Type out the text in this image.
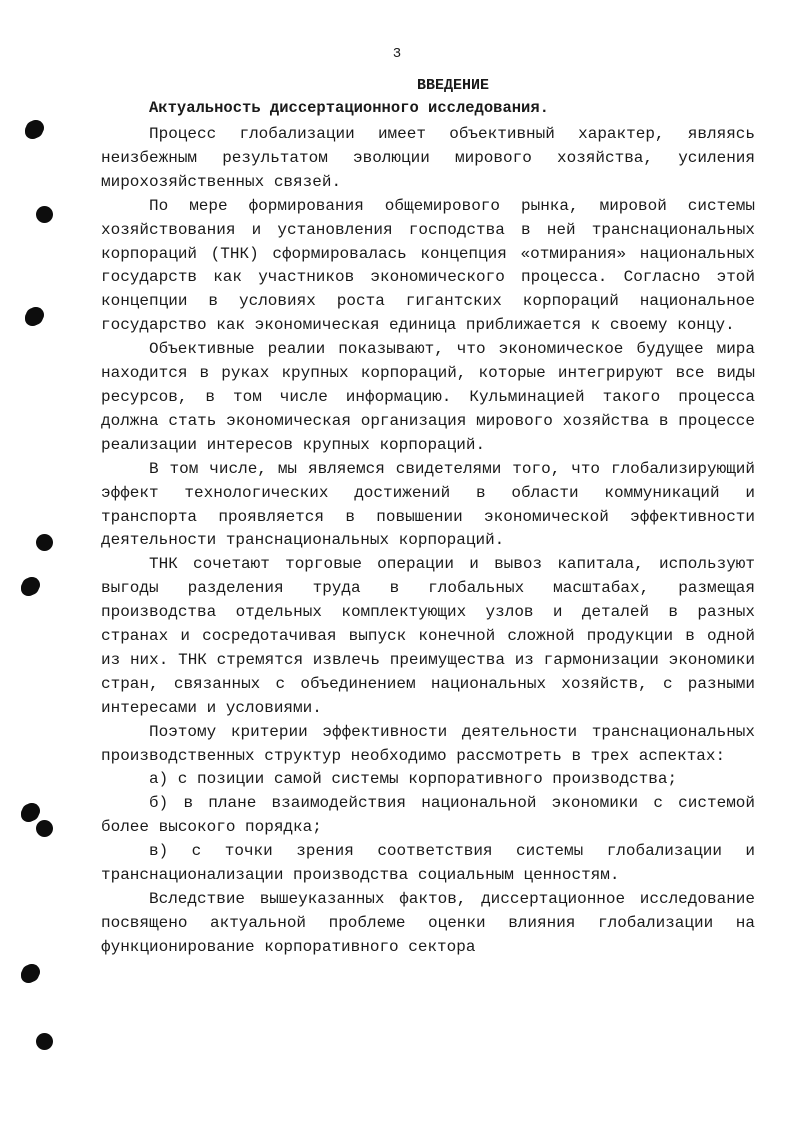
3
ВВЕДЕНИЕ
Актуальность диссертационного исследования.

Процесс глобализации имеет объективный характер, являясь неизбежным результатом эволюции мирового хозяйства, усиления мирохозяйственных связей.

По мере формирования общемирового рынка, мировой системы хозяйствования и установления господства в ней транснациональных корпораций (ТНК) сформировалась концепция «отмирания» национальных государств как участников экономического процесса. Согласно этой концепции в условиях роста гигантских корпораций национальное государство как экономическая единица приближается к своему концу.

Объективные реалии показывают, что экономическое будущее мира находится в руках крупных корпораций, которые интегрируют все виды ресурсов, в том числе информацию. Кульминацией такого процесса должна стать экономическая организация мирового хозяйства в процессе реализации интересов крупных корпораций.

В том числе, мы являемся свидетелями того, что глобализирующий эффект технологических достижений в области коммуникаций и транспорта проявляется в повышении экономической эффективности деятельности транснациональных корпораций.

ТНК сочетают торговые операции и вывоз капитала, используют выгоды разделения труда в глобальных масштабах, размещая производства отдельных комплектующих узлов и деталей в разных странах и сосредотачивая выпуск конечной сложной продукции в одной из них. ТНК стремятся извлечь преимущества из гармонизации экономики стран, связанных с объединением национальных хозяйств, с разными интересами и условиями.

Поэтому критерии эффективности деятельности транснациональных производственных структур необходимо рассмотреть в трех аспектах:

а) с позиции самой системы корпоративного производства;

б) в плане взаимодействия национальной экономики с системой более высокого порядка;

в) с точки зрения соответствия системы глобализации и транснационализации производства социальным ценностям.

Вследствие вышеуказанных фактов, диссертационное исследование посвящено актуальной проблеме оценки влияния глобализации на функционирование корпоративного сектора
